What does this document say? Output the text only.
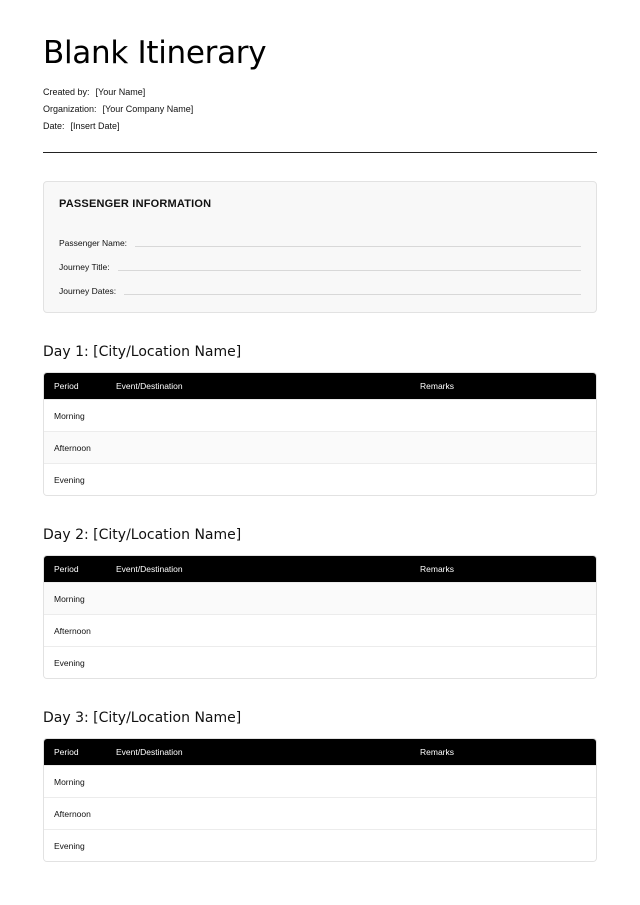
Blank Itinerary
Created by: [Your Name]
Organization: [Your Company Name]
Date: [Insert Date]
PASSENGER INFORMATION
Passenger Name:
Journey Title:
Journey Dates:
Day 1: [City/Location Name]
Period	Event/Destination	Remarks
Morning
Afternoon
Evening
Day 2: [City/Location Name]
Period	Event/Destination	Remarks
Morning
Afternoon
Evening
Day 3: [City/Location Name]
Period	Event/Destination	Remarks
Morning
Afternoon
Evening
